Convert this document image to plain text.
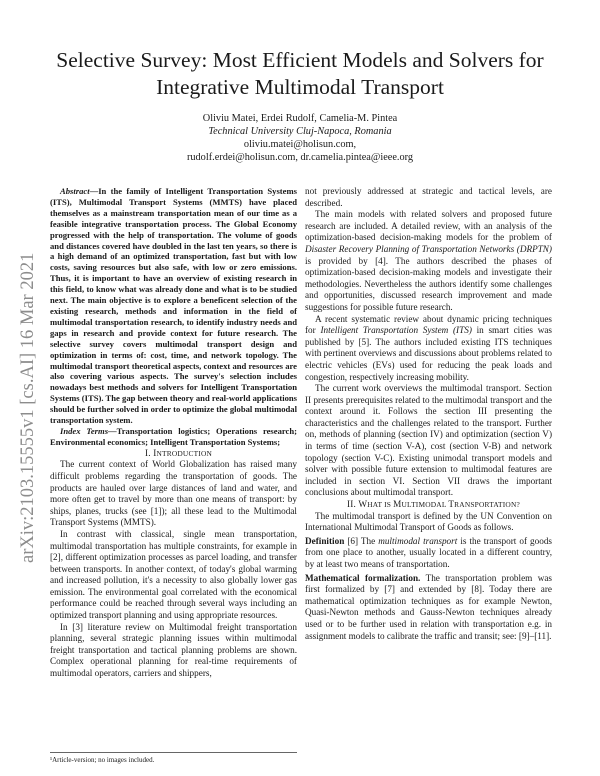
Selective Survey: Most Efficient Models and Solvers for Integrative Multimodal Transport
Oliviu Matei, Erdei Rudolf, Camelia-M. Pintea
Technical University Cluj-Napoca, Romania
oliviu.matei@holisun.com,
rudolf.erdei@holisun.com, dr.camelia.pintea@ieee.org
arXiv:2103.15555v1 [cs.AI] 16 Mar 2021

Abstract—In the family of Intelligent Transportation Systems (ITS), Multimodal Transport Systems (MMTS) have placed themselves as a mainstream transportation mean of our time as a feasible integrative transportation process. The Global Economy progressed with the help of transportation. The volume of goods and distances covered have doubled in the last ten years, so there is a high demand of an optimized transportation, fast but with low costs, saving resources but also safe, with low or zero emissions. Thus, it is important to have an overview of existing research in this field, to know what was already done and what is to be studied next. The main objective is to explore a beneficent selection of the existing research, methods and information in the field of multimodal transportation research, to identify industry needs and gaps in research and provide context for future research. The selective survey covers multimodal transport design and optimization in terms of: cost, time, and network topology. The multimodal transport theoretical aspects, context and resources are also covering various aspects. The survey's selection includes nowadays best methods and solvers for Intelligent Transportation Systems (ITS). The gap between theory and real-world applications should be further solved in order to optimize the global multimodal transportation system.

Index Terms—Transportation logistics; Operations research; Environmental economics; Intelligent Transportation Systems;

I. INTRODUCTION

The current context of World Globalization has raised many difficult problems regarding the transportation of goods. The products are hauled over large distances of land and water, and more often get to travel by more than one means of transport: by ships, planes, trucks (see [1]); all these lead to the Multimodal Transport Systems (MMTS).

In contrast with classical, single mean transportation, multimodal transportation has multiple constraints, for example in [2], different optimization processes as parcel loading, and transfer between transports. In another context, of today's global warming and increased pollution, it's a necessity to also globally lower gas emission. The environmental goal correlated with the economical performance could be reached through several ways including an optimized transport planning and using appropriate resources.

In [3] literature review on Multimodal freight transportation planning, several strategic planning issues within multimodal freight transportation and tactical planning problems are shown. Complex operational planning for real-time requirements of multimodal operators, carriers and shippers,

¹Article-version; no images included.

not previously addressed at strategic and tactical levels, are described.

The main models with related solvers and proposed future research are included. A detailed review, with an analysis of the optimization-based decision-making models for the problem of Disaster Recovery Planning of Transportation Networks (DRPTN) is provided by [4]. The authors described the phases of optimization-based decision-making models and investigate their methodologies. Nevertheless the authors identify some challenges and opportunities, discussed research improvement and made suggestions for possible future research.

A recent systematic review about dynamic pricing techniques for Intelligent Transportation System (ITS) in smart cities was published by [5]. The authors included existing ITS techniques with pertinent overviews and discussions about problems related to electric vehicles (EVs) used for reducing the peak loads and congestion, respectively increasing mobility.

The current work overviews the multimodal transport. Section II presents prerequisites related to the multimodal transport and the context around it. Follows the section III presenting the characteristics and the challenges related to the transport. Further on, methods of planning (section IV) and optimization (section V) in terms of time (section V-A), cost (section V-B) and network topology (section V-C). Existing unimodal transport models and solver with possible future extension to multimodal features are included in section VI. Section VII draws the important conclusions about multimodal transport.

II. WHAT IS MULTIMODAL TRANSPORTATION?

The multimodal transport is defined by the UN Convention on International Multimodal Transport of Goods as follows.

Definition [6] The multimodal transport is the transport of goods from one place to another, usually located in a different country, by at least two means of transportation.

Mathematical formalization. The transportation problem was first formalized by [7] and extended by [8]. Today there are mathematical optimization techniques as for example Newton, Quasi-Newton methods and Gauss-Newton techniques already used or to be further used in relation with transportation e.g. in assignment models to calibrate the traffic and transit; see: [9]–[11].
